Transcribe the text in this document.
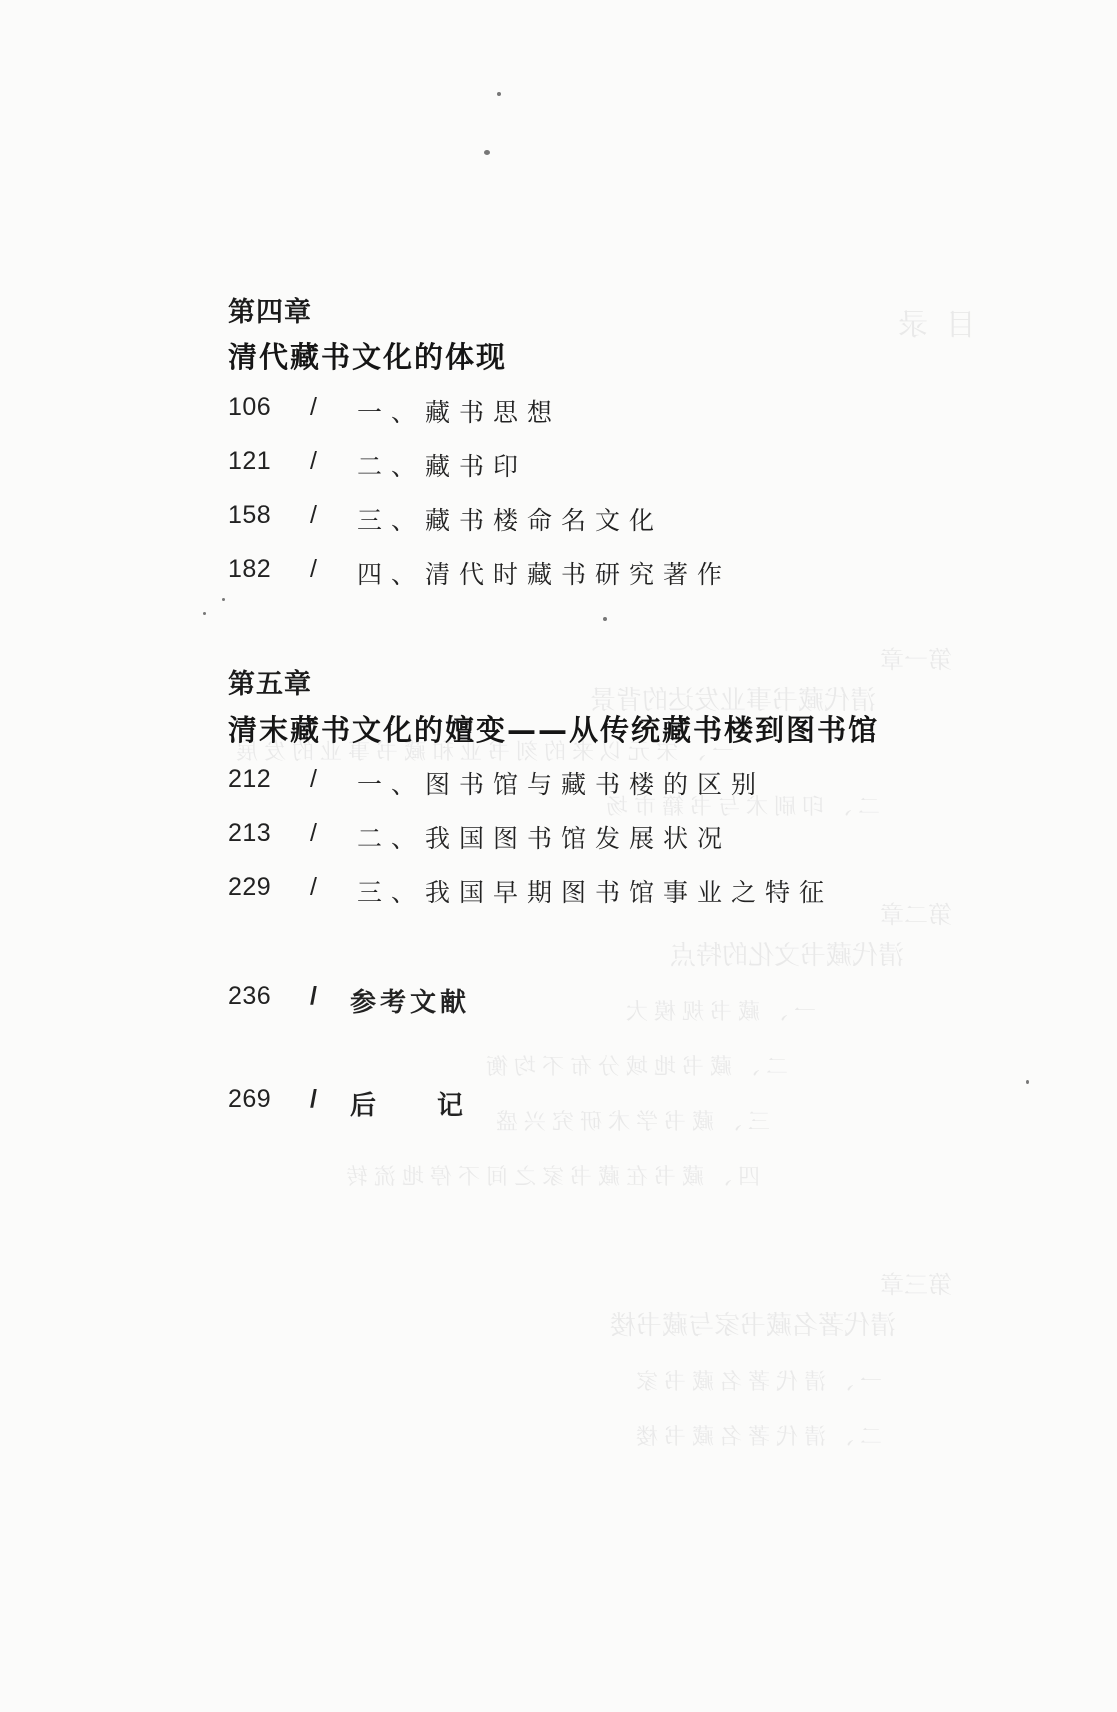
目录
第一章
清代藏书事业发达的背景
一、宋元以来的刻书业和藏书事业的发展
二、印刷术与书籍市场
第二章
清代藏书文化的特点
一、藏书规模大
二、藏书地域分布不均衡
三、藏书学术研究兴盛
四、藏书在藏书家之间不停地流转
第三章
清代著名藏书家与藏书楼
一、清代著名藏书家
二、清代著名藏书楼
第四章
清代藏书文化的体现
106	/ 一、藏书思想
121	/ 二、藏书印
158	/ 三、藏书楼命名文化
182	/ 四、清代时藏书研究著作
第五章
清末藏书文化的嬗变——从传统藏书楼到图书馆
212	/ 一、图书馆与藏书楼的区别
213	/ 二、我国图书馆发展状况
229	/ 三、我国早期图书馆事业之特征
236	/ 参考文献
269	/ 后 记
